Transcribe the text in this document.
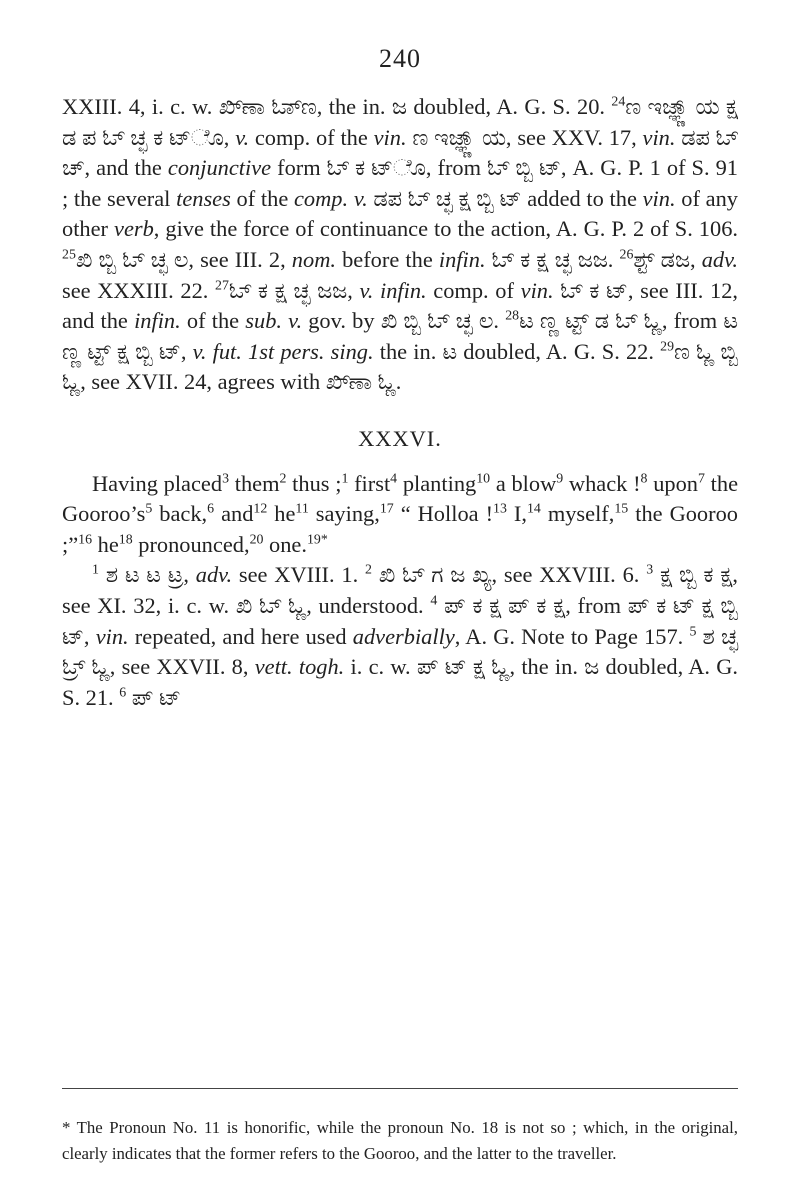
240

XXIII. 4, i. c. w. ಖಿ್ಣಾ ಓಾ್ಣ, the in. ಜ doubled, A. G. S. 20. $^{24}$ಣ ಇಜ್ಞ್ಣಾ್ಯ ಕ್ಷ ಡ ಪ ಓ್ ಚ್ಛ ಕ ಟ್ೊ, v. comp. of the vin. ಣ ಇಜ್ಞ್ಣಾ್ಯ, see XXV. 17, vin. ಡಪ ಓ್ ಚ್, and the conjunctive form ಓ್ ಕ ಟ್ೊ, from ಓ್ ಬ್ಬಿ ಟ್, A. G. P. 1 of S. 91 ; the several tenses of the comp. v. ಡಪ ಓ್ ಚ್ಛ ಕ್ಷ ಬ್ಬಿ ಟ್ added to the vin. of any other verb, give the force of continuance to the action, A. G. P. 2 of S. 106. $^{25}$ಖಿ ಬ್ಬಿ ಓ್ ಚ್ಛ ಲ, see III. 2, nom. before the infin. ಓ್ ಕ ಕ್ಷ ಚ್ಛ ಜಜ. $^{26}$ಶ್ಟ್ ಡಜ, adv. see XXXIII. 22. $^{27}$ಓ್ ಕ ಕ್ಷ ಚ್ಛ ಜಜ, v. infin. comp. of vin. ಓ್ ಕ ಟ್, see III. 12, and the infin. of the sub. v. gov. by ಖಿ ಬ್ಬಿ ಓ್ ಚ್ಛ ಲ. $^{28}$ಟ ಣ್ಣ ಟ್ಟ್ ಡ ಓ್ ಓ್ಣ, from ಟ ಣ್ಣ ಟ್ಟ್ ಕ್ಷ ಬ್ಬಿ ಟ್, v. fut. 1st pers. sing. the in. ಟ doubled, A. G. S. 22. $^{29}$ಣ ಓ್ಣ ಬ್ಬಿ ಓ್ಣ, see XVII. 24, agrees with ಖಿ್ಣಾ ಓ್ಣ.

XXXVI.

Having placed$^3$ them$^2$ thus ;$^1$ first$^4$ planting$^{10}$ a blow$^9$ whack !$^8$ upon$^7$ the $Gooroo’s^5$ back,$^6$ and$^{12}$ $he^{11}$ saying,$^{17}$ “ Holloa !$^{13}$ I,$^{14}$ myself,$^{15}$ the Gooroo ;”$^{16}$ $he^{18}$ pronounced,$^{20}$ one.$^{19*}$

$^1$ ಶ ಟ ಟ ಟ್ರ, adv. see XVIII. 1. $^2$ ಖಿ ಓ್ ಗ ಜ ಖ್ಯ, see XXVIII. 6. $^3$ ಕ್ಷ ಬ್ಬಿ ಕ ಕ್ಷ, see XI. 32, i. c. w. ಖಿ ಓ್ ಓ್ಣ, understood. $^4$ ಪ್ ಕ ಕ್ಷ ಪ್ ಕ ಕ್ಷ, from ಪ್ ಕ ಟ್ ಕ್ಷ ಬ್ಬಿ ಟ್, vin. repeated, and here used adverbially, A. G. Note to Page 157. $^5$ ಶ ಚ್ಛ ಓ್ರ್ ಓ್ಣ, see XXVII. 8, vett. togh. i. c. w. ಪ್ ಟ್ ಕ್ಷ ಓ್ಣ, the in. ಜ doubled, A. G. S. 21. $^6$ ಪ್ ಟ್

* The Pronoun No. 11 is honorific, while the pronoun No. 18 is not so ; which, in the original, clearly indicates that the former refers to the Gooroo, and the latter to the traveller.
